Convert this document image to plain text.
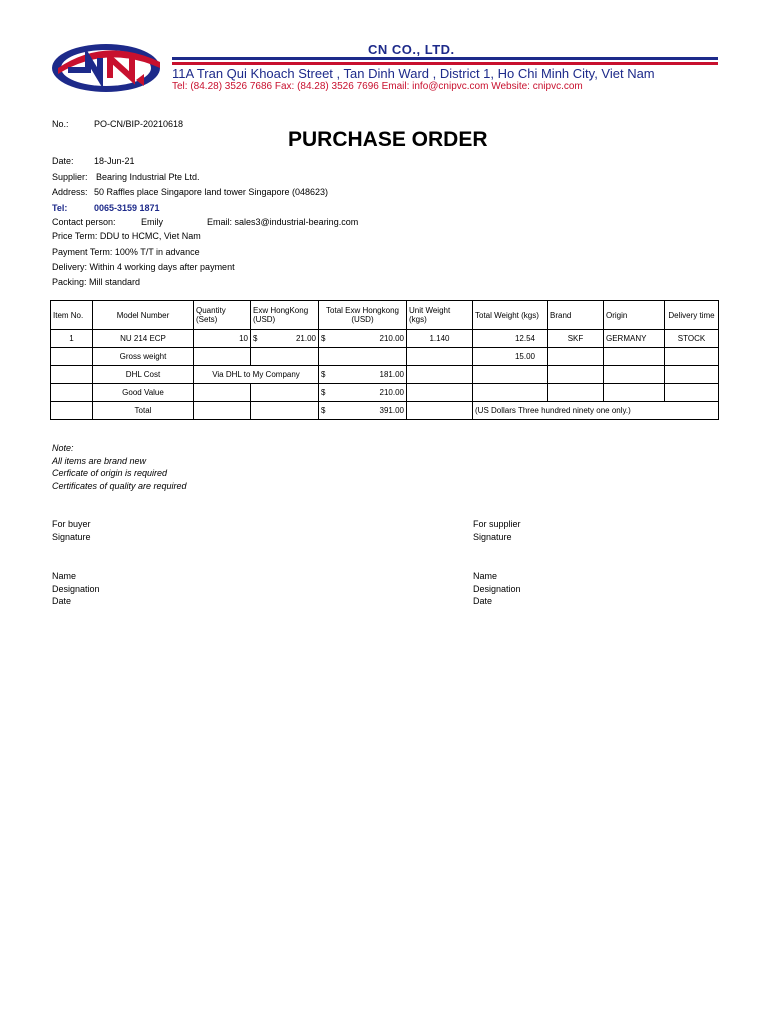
CN CO., LTD.
11A Tran Qui Khoach Street , Tan Dinh Ward , District 1, Ho Chi Minh City, Viet Nam
Tel: (84.28) 3526 7686 Fax: (84.28) 3526 7696 Email: info@cnipvc.com Website: cnipvc.com
No.:	PO-CN/BIP-20210618
PURCHASE ORDER
Date: 18-Jun-21
Supplier: Bearing Industrial Pte Ltd.
Address: 50 Raffles place Singapore land tower Singapore (048623)
Tel:	0065-3159 1871
Contact person:	Emily	Email: sales3@industrial-bearing.com
Price Term: DDU to HCMC, Viet Nam
Payment Term: 100% T/T in advance
Delivery: Within 4 working days after payment
Packing: Mill standard
Item No.	Model Number	Quantity (Sets)	Exw HongKong (USD)	Total Exw Hongkong (USD)	Unit Weight (kgs)	Total Weight (kgs)	Brand	Origin	Delivery time
1	NU 214 ECP	10	$ 21.00	$ 210.00	1.140	12.54	SKF	GERMANY	STOCK
	Gross weight					15.00			
	DHL Cost	Via DHL to My Company		$ 181.00					

	Good Value			$ 210.00					

	Total			$ 391.00		(US Dollars Three hundred ninety one only.)			
Note:
All items are brand new
Cerficate of origin is required
Certificates of quality are required
For buyer
Signature
Name
Designation
Date
For supplier
Signature
Name
Designation
Date
